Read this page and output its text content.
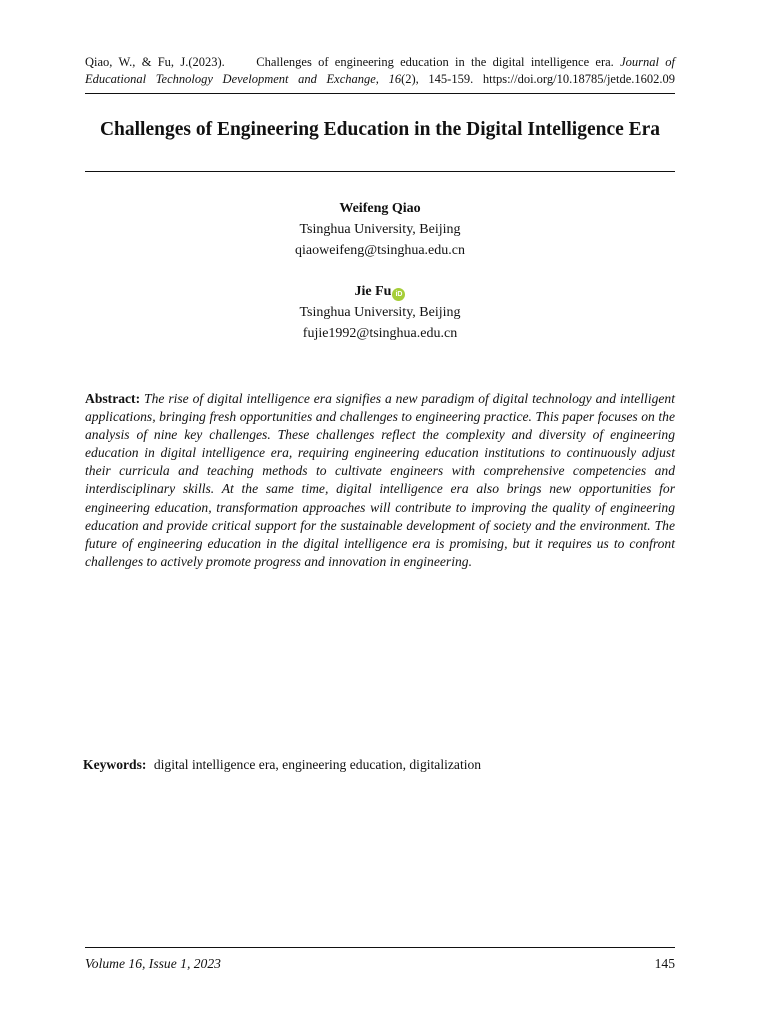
Qiao, W., & Fu, J.(2023).	Challenges of engineering education in the digital intelligence era. Journal of
Educational Technology Development and Exchange, 16(2), 145-159. https://doi.org/10.18785/jetde.1602.09
Challenges of Engineering Education in the Digital Intelligence Era
Weifeng Qiao
Tsinghua University, Beijing
qiaoweifeng@tsinghua.edu.cn
Jie Fu iD
Tsinghua University, Beijing
fujie1992@tsinghua.edu.cn
Abstract: The rise of digital intelligence era signifies a new paradigm of digital technology and intelligent applications, bringing fresh opportunities and challenges to engineering practice. This paper focuses on the analysis of nine key challenges. These challenges reflect the complexity and diversity of engineering education in digital intelligence era, requiring engineering education institutions to continuously adjust their curricula and teaching methods to cultivate engineers with comprehensive competencies and interdisciplinary skills. At the same time, digital intelligence era also brings new opportunities for engineering education, transformation approaches will contribute to improving the quality of engineering education and provide critical support for the sustainable development of society and the environment. The future of engineering education in the digital intelligence era is promising, but it requires us to confront challenges to actively promote progress and innovation in engineering.
Keywords: digital intelligence era, engineering education, digitalization
Volume 16, Issue 1, 2023	145
